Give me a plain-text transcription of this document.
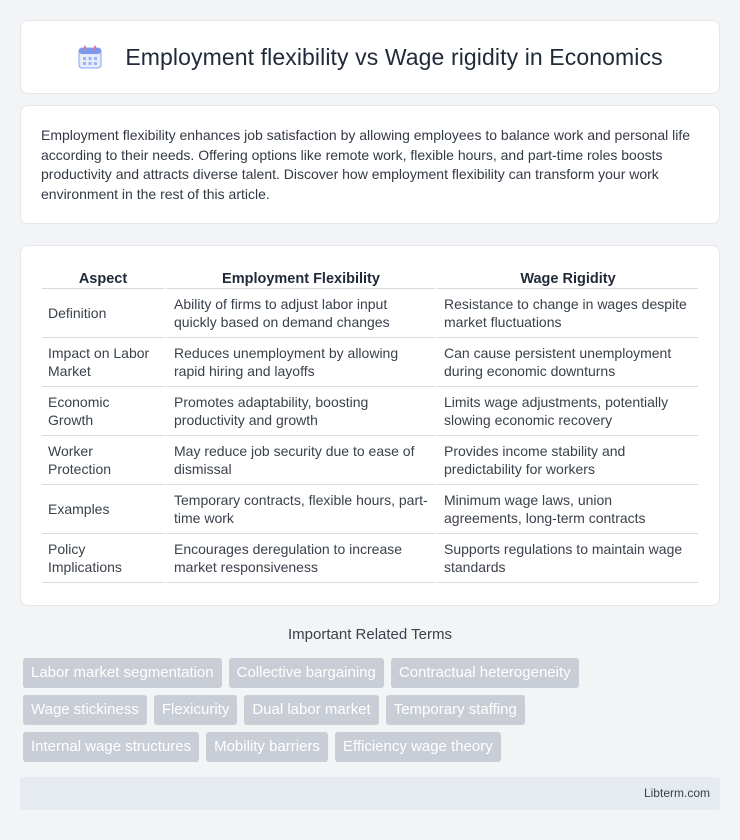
Employment flexibility vs Wage rigidity in Economics

Employment flexibility enhances job satisfaction by allowing employees to balance work and personal life according to their needs. Offering options like remote work, flexible hours, and part-time roles boosts productivity and attracts diverse talent. Discover how employment flexibility can transform your work environment in the rest of this article.

Aspect	Employment Flexibility	Wage Rigidity
Definition	Ability of firms to adjust labor input quickly based on demand changes	Resistance to change in wages despite market fluctuations
Impact on Labor Market	Reduces unemployment by allowing rapid hiring and layoffs	Can cause persistent unemployment during economic downturns
Economic Growth	Promotes adaptability, boosting productivity and growth	Limits wage adjustments, potentially slowing economic recovery
Worker Protection	May reduce job security due to ease of dismissal	Provides income stability and predictability for workers
Examples	Temporary contracts, flexible hours, part-time work	Minimum wage laws, union agreements, long-term contracts
Policy Implications	Encourages deregulation to increase market responsiveness	Supports regulations to maintain wage standards
Important Related Terms
Labor market segmentation	Collective bargaining	Contractual heterogeneity
Wage stickiness	Flexicurity	Dual labor market	Temporary staffing
Internal wage structures	Mobility barriers	Efficiency wage theory
Libterm.com
